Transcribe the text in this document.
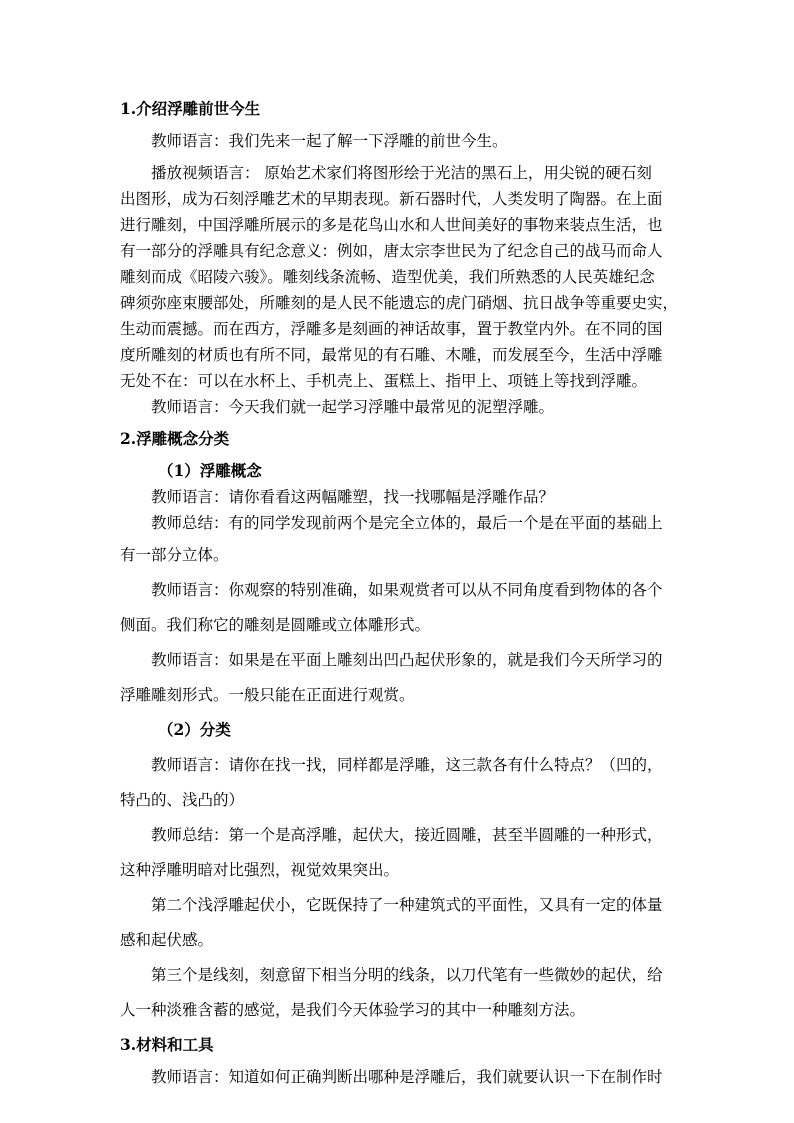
1.介绍浮雕前世今生

教师语言：我们先来一起了解一下浮雕的前世今生。

播放视频语言： 原始艺术家们将图形绘于光洁的黑石上，用尖锐的硬石刻

出图形，成为石刻浮雕艺术的早期表现。新石器时代，人类发明了陶器。在上面

进行雕刻，中国浮雕所展示的多是花鸟山水和人世间美好的事物来装点生活，也

有一部分的浮雕具有纪念意义：例如，唐太宗李世民为了纪念自己的战马而命人

雕刻而成《昭陵六骏》。雕刻线条流畅、造型优美，我们所熟悉的人民英雄纪念

碑须弥座束腰部处，所雕刻的是人民不能遗忘的虎门硝烟、抗日战争等重要史实，

生动而震撼。而在西方，浮雕多是刻画的神话故事，置于教堂内外。在不同的国

度所雕刻的材质也有所不同，最常见的有石雕、木雕，而发展至今，生活中浮雕

无处不在：可以在水杯上、手机壳上、蛋糕上、指甲上、项链上等找到浮雕。

教师语言：今天我们就一起学习浮雕中最常见的泥塑浮雕。

2.浮雕概念分类

（1）浮雕概念

教师语言：请你看看这两幅雕塑，找一找哪幅是浮雕作品？

教师总结：有的同学发现前两个是完全立体的，最后一个是在平面的基础上

有一部分立体。

教师语言：你观察的特别准确，如果观赏者可以从不同角度看到物体的各个

侧面。我们称它的雕刻是圆雕或立体雕形式。

教师语言：如果是在平面上雕刻出凹凸起伏形象的，就是我们今天所学习的

浮雕雕刻形式。一般只能在正面进行观赏。

（2）分类

教师语言：请你在找一找，同样都是浮雕，这三款各有什么特点？（凹的，

特凸的、浅凸的）

教师总结：第一个是高浮雕，起伏大，接近圆雕，甚至半圆雕的一种形式，

这种浮雕明暗对比强烈，视觉效果突出。

第二个浅浮雕起伏小，它既保持了一种建筑式的平面性，又具有一定的体量

感和起伏感。

第三个是线刻，刻意留下相当分明的线条，以刀代笔有一些微妙的起伏，给

人一种淡雅含蓄的感觉，是我们今天体验学习的其中一种雕刻方法。

3.材料和工具

教师语言：知道如何正确判断出哪种是浮雕后，我们就要认识一下在制作时
